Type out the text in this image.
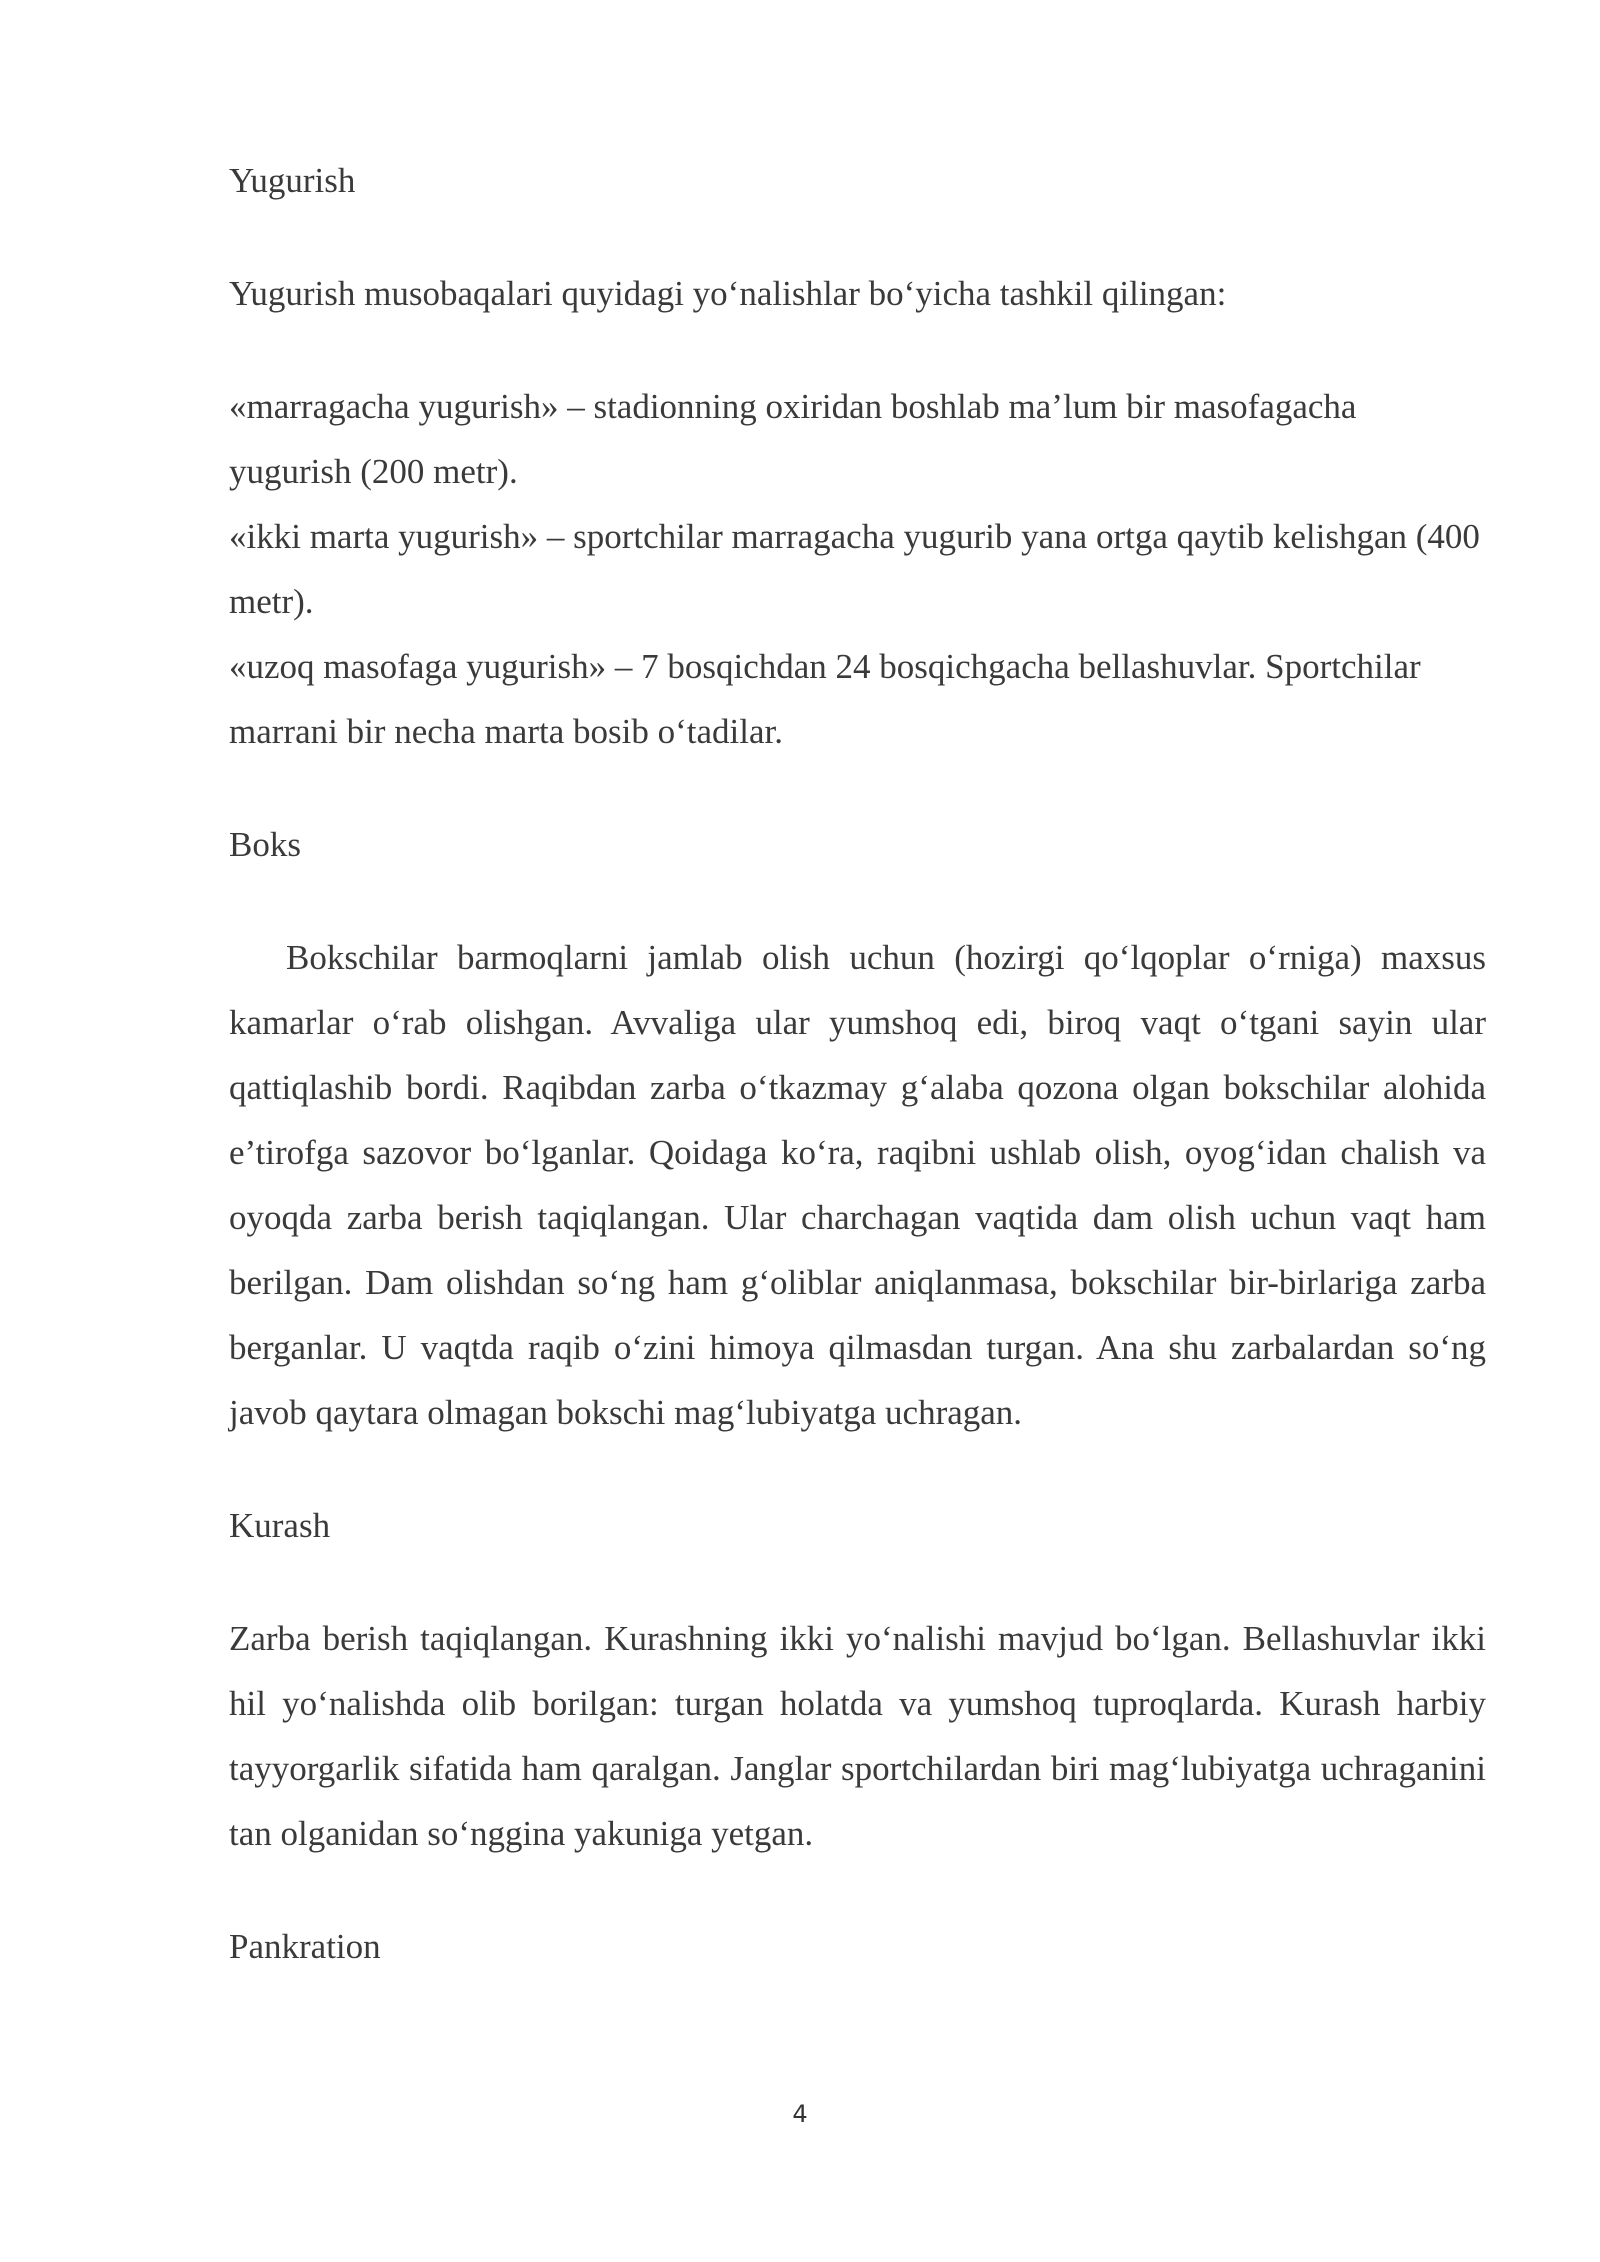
Yugurish
Yugurish musobaqalari quyidagi yo‘nalishlar bo‘yicha tashkil qilingan:
«marragacha yugurish» – stadionning oxiridan boshlab ma’lum bir masofagacha yugurish (200 metr).
«ikki marta yugurish» – sportchilar marragacha yugurib yana ortga qaytib kelishgan (400 metr).
«uzoq masofaga yugurish» – 7 bosqichdan 24 bosqichgacha bellashuvlar. Sportchilar marrani bir necha marta bosib o‘tadilar.
Boks
Bokschilar barmoqlarni jamlab olish uchun (hozirgi qo‘lqoplar o‘rniga) maxsus kamarlar o‘rab olishgan. Avvaliga ular yumshoq edi, biroq vaqt o‘tgani sayin ular qattiqlashib bordi. Raqibdan zarba o‘tkazmay g‘alaba qozona olgan bokschilar alohida e’tirofga sazovor bo‘lganlar. Qoidaga ko‘ra, raqibni ushlab olish, oyog‘idan chalish va oyoqda zarba berish taqiqlangan. Ular charchagan vaqtida dam olish uchun vaqt ham berilgan. Dam olishdan so‘ng ham g‘oliblar aniqlanmasa, bokschilar bir-birlariga zarba berganlar. U vaqtda raqib o‘zini himoya qilmasdan turgan. Ana shu zarbalardan so‘ng javob qaytara olmagan bokschi mag‘lubiyatga uchragan.
Kurash
Zarba berish taqiqlangan. Kurashning ikki yo‘nalishi mavjud bo‘lgan. Bellashuvlar ikki hil yo‘nalishda olib borilgan: turgan holatda va yumshoq tuproqlarda. Kurash harbiy tayyorgarlik sifatida ham qaralgan. Janglar sportchilardan biri mag‘lubiyatga uchraganini tan olganidan so‘nggina yakuniga yetgan.
Pankration
4
